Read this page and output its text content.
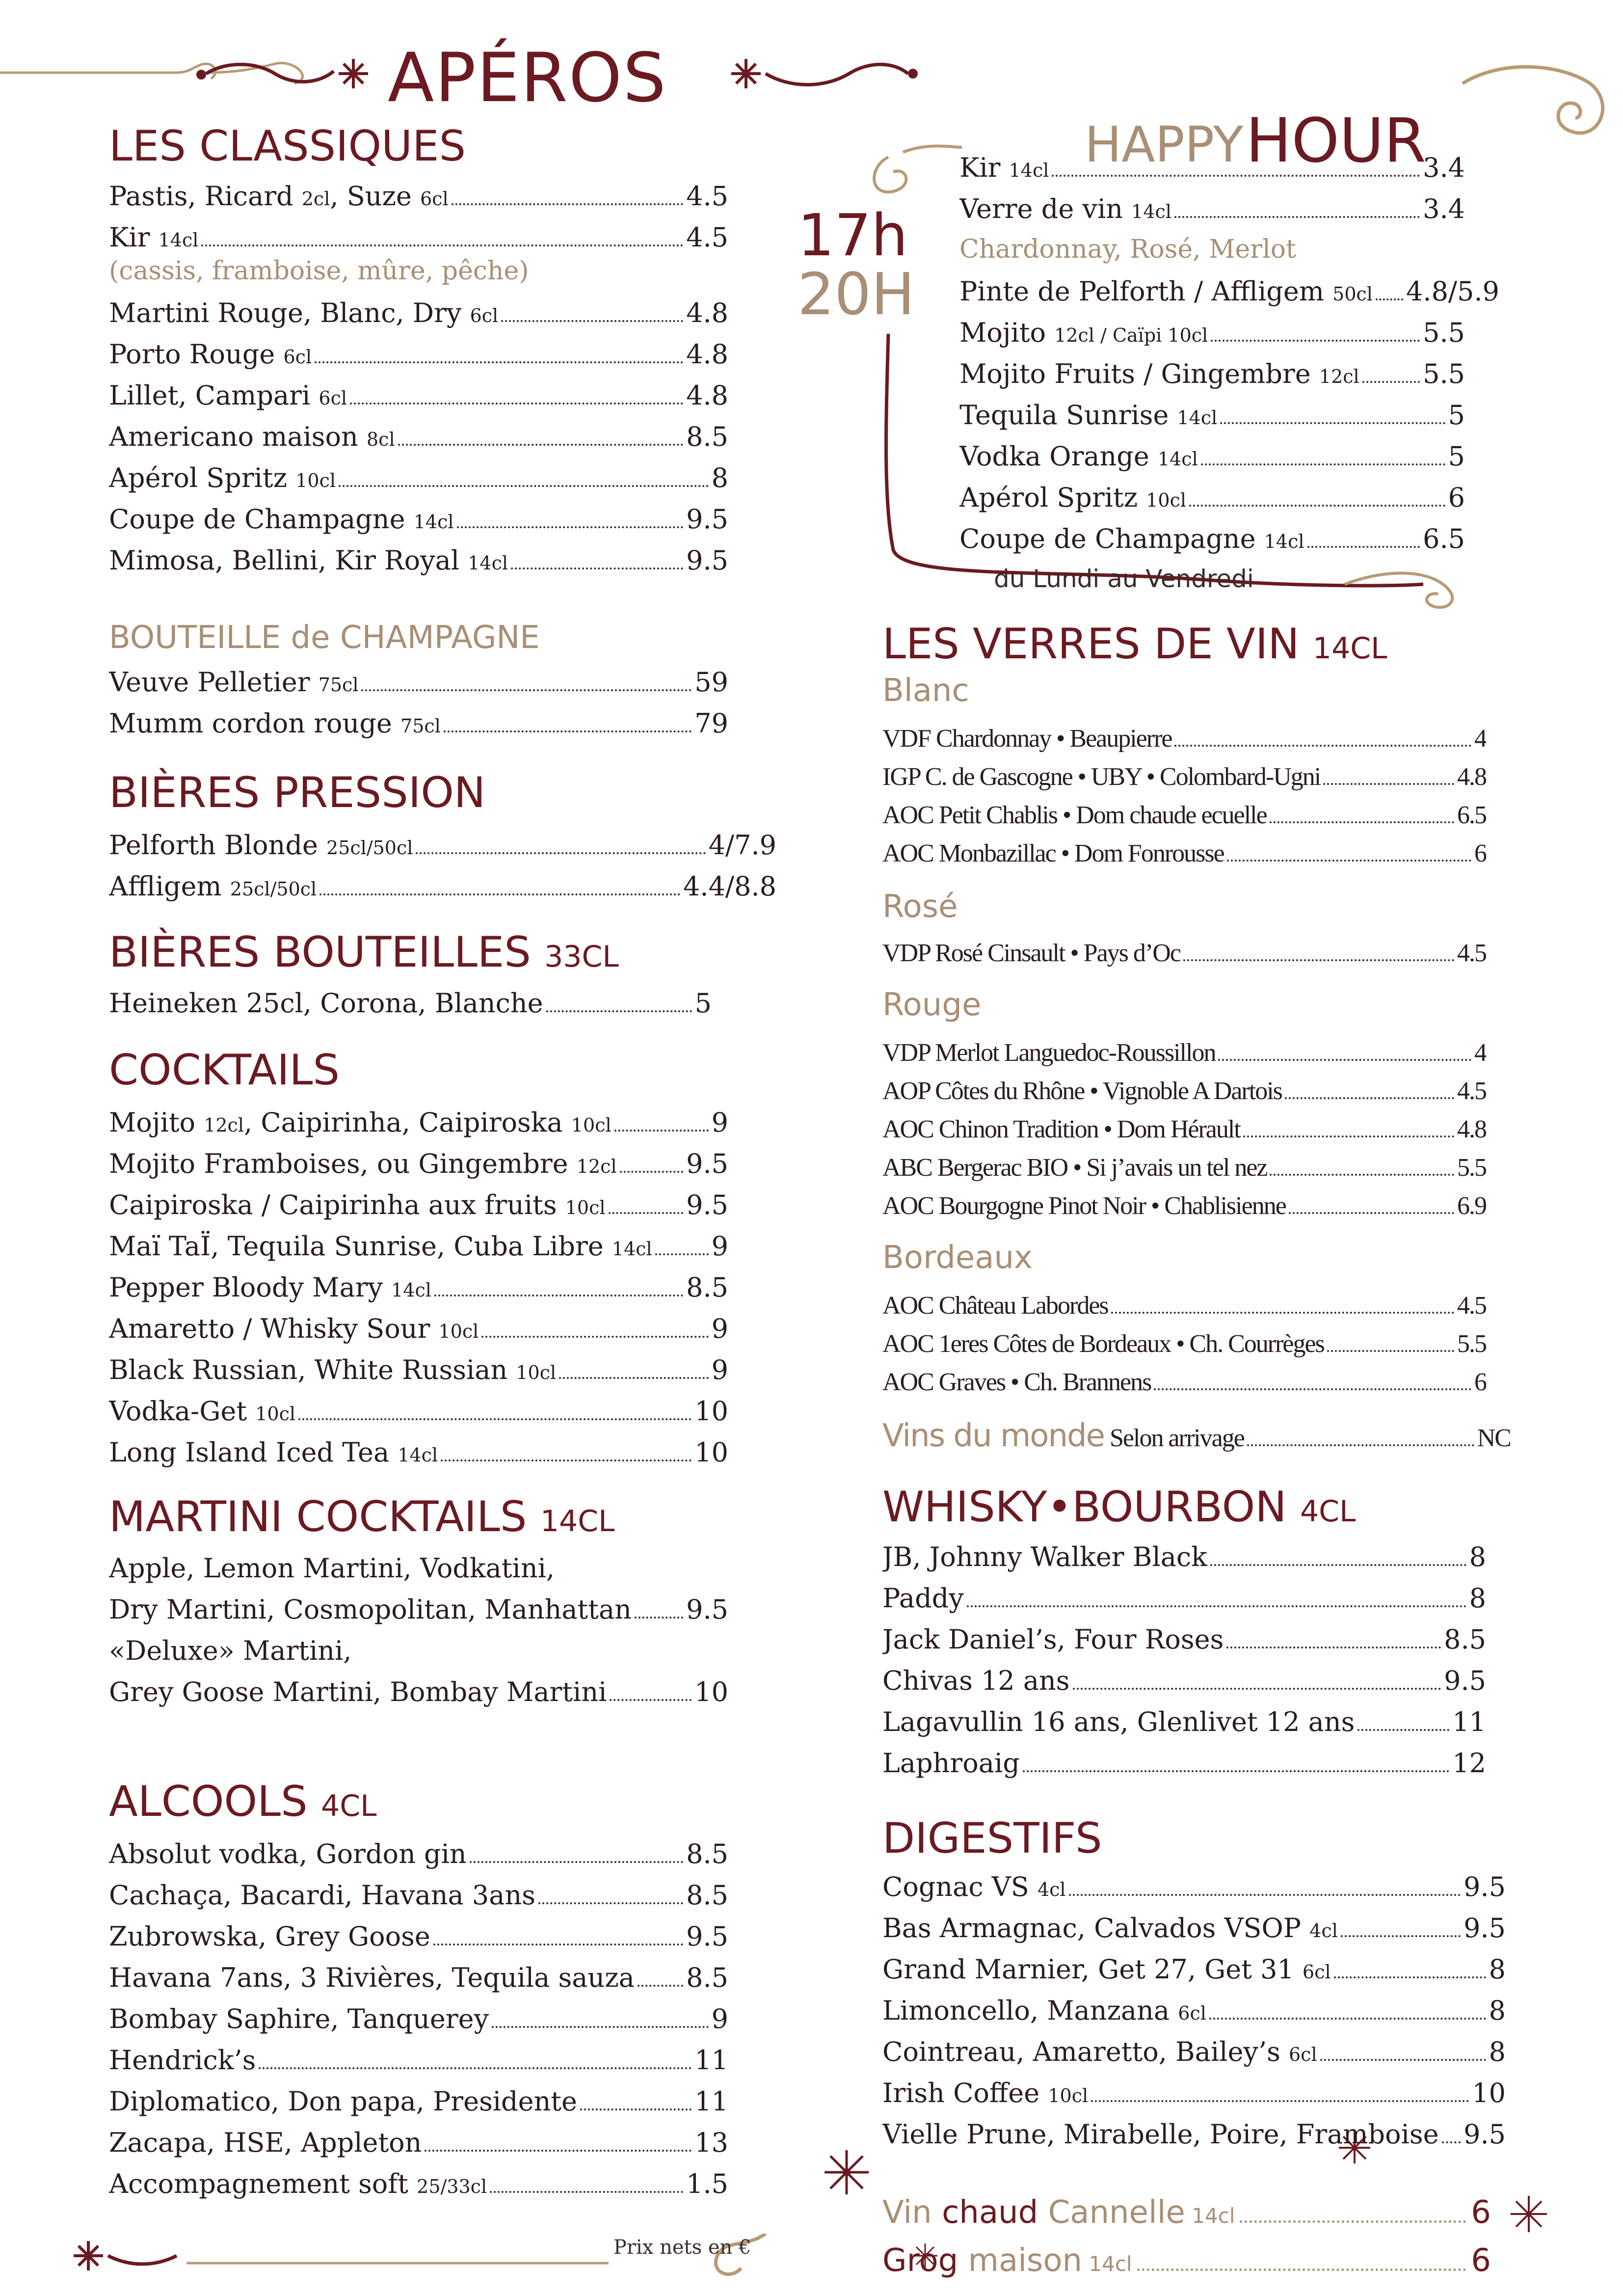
APÉROS
LES CLASSIQUES
Pastis, Ricard 2cl, Suze 6cl	4.5
Kir 14cl	4.5
Martini Rouge, Blanc, Dry 6cl	4.8
Porto Rouge 6cl	4.8
Lillet, Campari 6cl	4.8
Americano maison 8cl	8.5
Apérol Spritz 10cl	8
Coupe de Champagne 14cl	9.5
Mimosa, Bellini, Kir Royal 14cl	9.5
(cassis, framboise, mûre, pêche)
BOUTEILLE de CHAMPAGNE
Veuve Pelletier 75cl	59
Mumm cordon rouge 75cl	79
BIÈRES PRESSION
Pelforth Blonde 25cl/50cl	4/7.9
Affligem 25cl/50cl	4.4/8.8
BIÈRES BOUTEILLES 33CL
Heineken 25cl, Corona, Blanche	5
COCKTAILS
Mojito 12cl, Caipirinha, Caipiroska 10cl	9
Mojito Framboises, ou Gingembre 12cl	9.5
Caipiroska / Caipirinha aux fruits 10cl	9.5
Maï TaÏ, Tequila Sunrise, Cuba Libre 14cl 9
Pepper Bloody Mary 14cl	8.5
Amaretto / Whisky Sour 10cl	9
Black Russian, White Russian 10cl	9
Vodka-Get 10cl	10
Long Island Iced Tea 14cl	10
MARTINI COCKTAILS 14CL
Apple, Lemon Martini, Vodkatini,
Dry Martini, Cosmopolitan, Manhattan 9.5
«Deluxe» Martini,
Grey Goose Martini, Bombay Martini	10
ALCOOLS 4CL
Absolut vodka, Gordon gin	8.5
Cachaça, Bacardi, Havana 3ans	8.5
Zubrowska, Grey Goose	9.5
Havana 7ans, 3 Rivières, Tequila sauza 8.5
Bombay Saphire, Tanquerey	9
Hendrick’s	11
Diplomatico, Don papa, Presidente	11
Zacapa, HSE, Appleton	13
Accompagnement soft 25/33cl	1.5
Prix nets en €
HAPPY HOUR
17h
20H
Kir 14cl	3.4
Verre de vin 14cl	3.4
Pinte de Pelforth / Affligem 50cl 4.8/5.9
Mojito 12cl / Caïpi 10cl	5.5
Mojito Fruits / Gingembre 12cl 5.5
Tequila Sunrise 14cl	5
Vodka Orange 14cl	5
Apérol Spritz 10cl	6
Coupe de Champagne 14cl	6.5
Chardonnay, Rosé, Merlot
du Lundi au Vendredi
LES VERRES DE VIN 14CL
Blanc
VDF Chardonnay • Beaupierre	4
IGP C. de Gascogne • UBY • Colombard-Ugni	4.8
AOC Petit Chablis • Dom chaude ecuelle	6.5
AOC Monbazillac • Dom Fonrousse	6
Rosé
VDP Rosé Cinsault • Pays d’Oc	4.5
Rouge
VDP Merlot Languedoc-Roussillon	4
AOP Côtes du Rhône • Vignoble A Dartois	4.5
AOC Chinon Tradition • Dom Hérault	4.8
ABC Bergerac BIO • Si j’avais un tel nez	5.5
AOC Bourgogne Pinot Noir • Chablisienne	6.9
Bordeaux
AOC Château Labordes	4.5
AOC 1eres Côtes de Bordeaux • Ch. Courrèges	5.5
AOC Graves • Ch. Brannens	6
Vins du monde Selon arrivage	NC
WHISKY•BOURBON 4CL
JB, Johnny Walker Black	8
Paddy	8
Jack Daniel’s, Four Roses	8.5
Chivas 12 ans	9.5
Lagavullin 16 ans, Glenlivet 12 ans	11
Laphroaig	12
DIGESTIFS
Cognac VS 4cl	9.5
Bas Armagnac, Calvados VSOP 4cl	9.5
Grand Marnier, Get 27, Get 31 6cl	8
Limoncello, Manzana 6cl	8
Cointreau, Amaretto, Bailey’s 6cl	8
Irish Coffee 10cl	10
Vielle Prune, Mirabelle, Poire, Framboise 9.5
Vin chaud Cannelle 14cl	6
Grog maison 14cl	6
